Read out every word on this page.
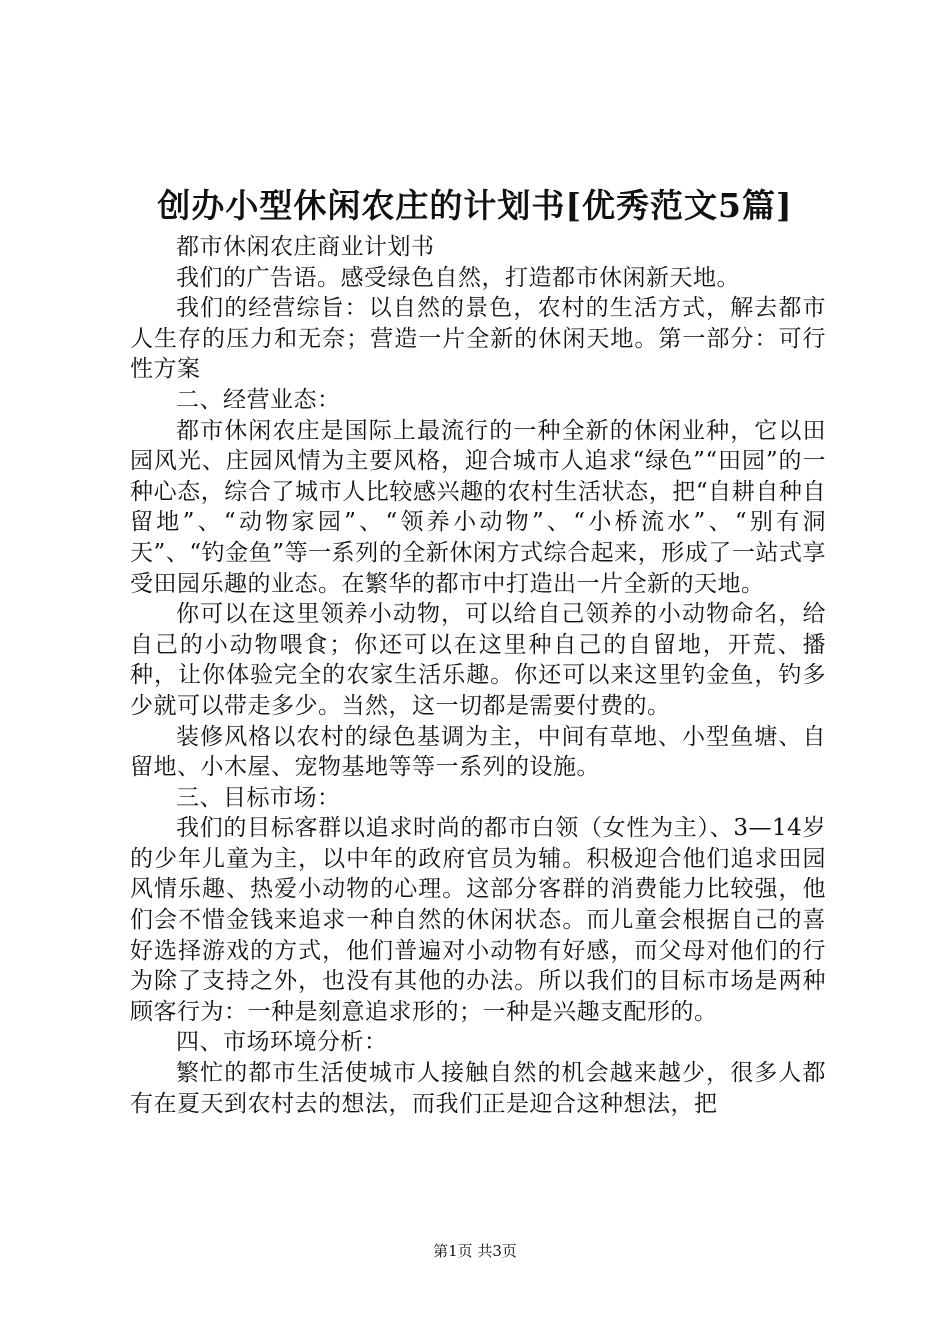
创办小型休闲农庄的计划书[优秀范文5篇]

都市休闲农庄商业计划书

我们的广告语。感受绿色自然，打造都市休闲新天地。

我们的经营综旨：以自然的景色，农村的生活方式，解去都市人生存的压力和无奈；营造一片全新的休闲天地。第一部分：可行性方案

二、经营业态：

都市休闲农庄是国际上最流行的一种全新的休闲业种，它以田园风光、庄园风情为主要风格，迎合城市人追求“绿色”“田园”的一种心态，综合了城市人比较感兴趣的农村生活状态，把“自耕自种自留地”、“动物家园”、“领养小动物”、“小桥流水”、“别有洞天”、“钓金鱼”等一系列的全新休闲方式综合起来，形成了一站式享受田园乐趣的业态。在繁华的都市中打造出一片全新的天地。

你可以在这里领养小动物，可以给自己领养的小动物命名，给自己的小动物喂食；你还可以在这里种自己的自留地，开荒、播种，让你体验完全的农家生活乐趣。你还可以来这里钓金鱼，钓多少就可以带走多少。当然，这一切都是需要付费的。

装修风格以农村的绿色基调为主，中间有草地、小型鱼塘、自留地、小木屋、宠物基地等等一系列的设施。

三、目标市场：

我们的目标客群以追求时尚的都市白领（女性为主）、3—14岁的少年儿童为主，以中年的政府官员为辅。积极迎合他们追求田园风情乐趣、热爱小动物的心理。这部分客群的消费能力比较强，他们会不惜金钱来追求一种自然的休闲状态。而儿童会根据自己的喜好选择游戏的方式，他们普遍对小动物有好感，而父母对他们的行为除了支持之外，也没有其他的办法。所以我们的目标市场是两种顾客行为：一种是刻意追求形的；一种是兴趣支配形的。

四、市场环境分析：

繁忙的都市生活使城市人接触自然的机会越来越少，很多人都有在夏天到农村去的想法，而我们正是迎合这种想法，把

第1页 共3页
